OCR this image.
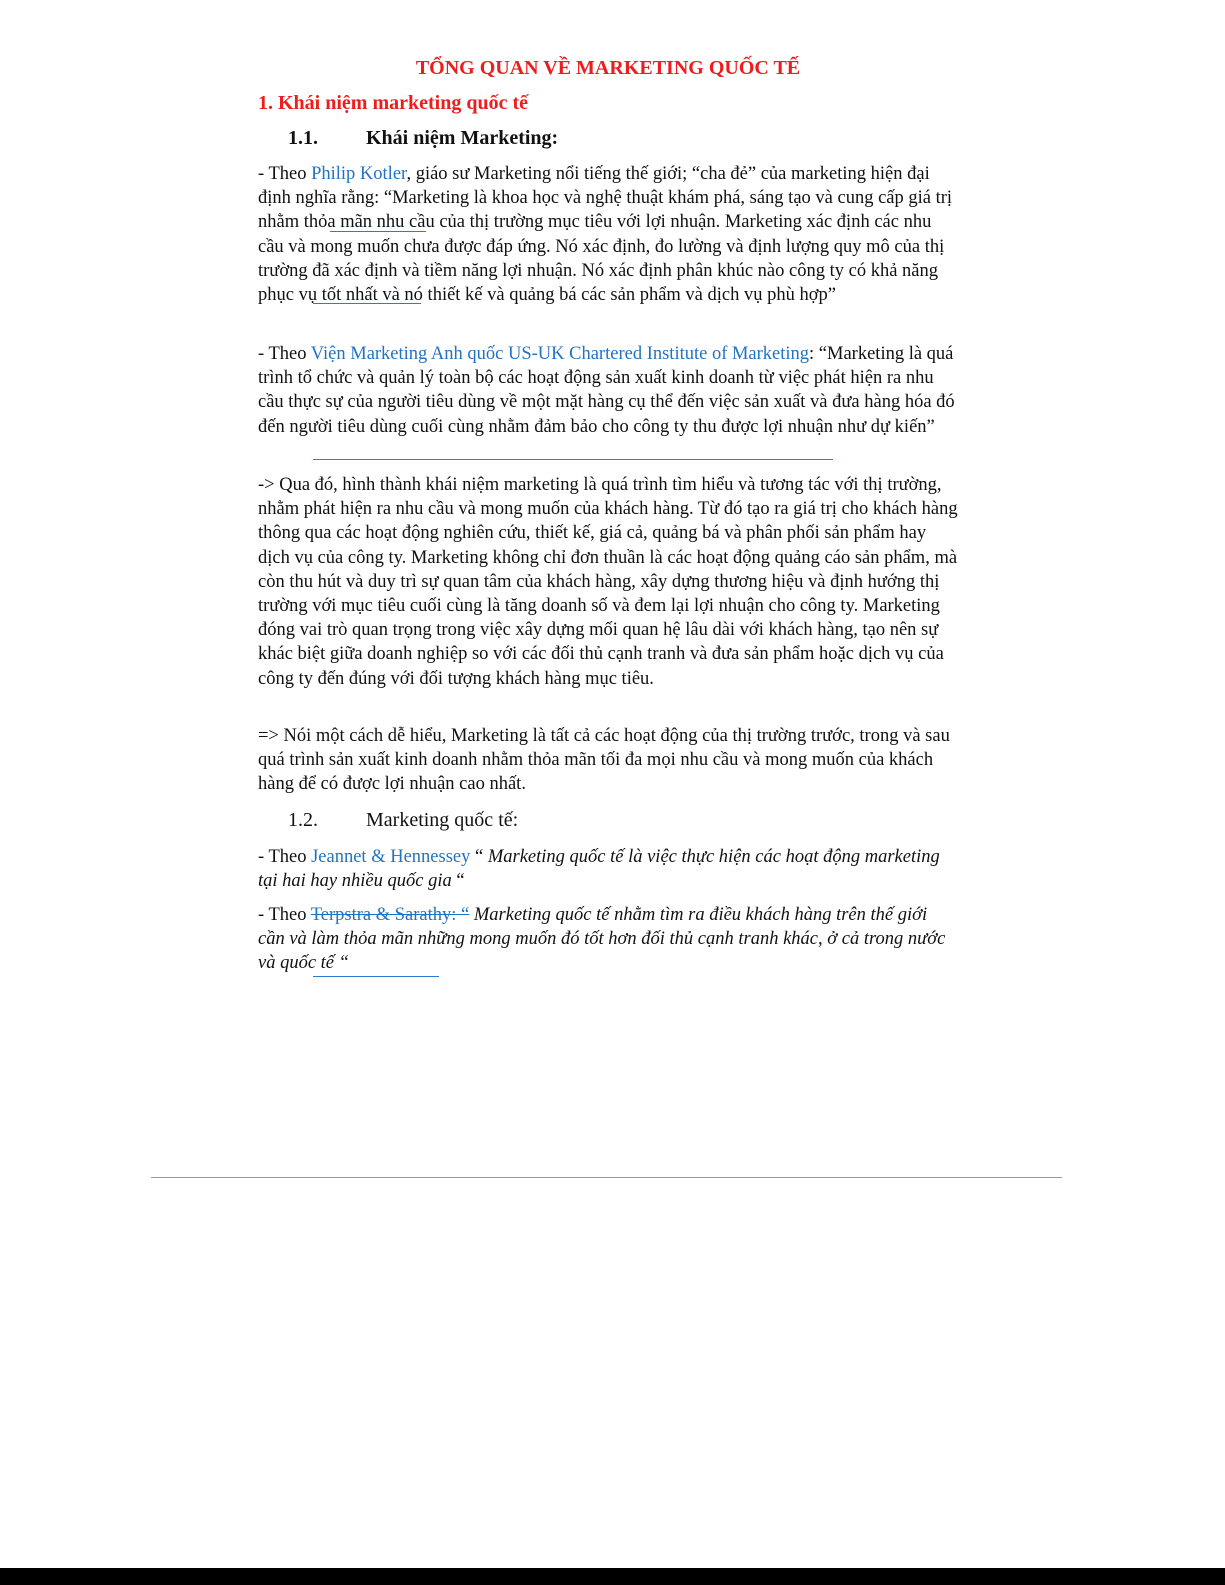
TỔNG QUAN VỀ MARKETING QUỐC TẾ
1. Khái niệm marketing quốc tế
1.1. Khái niệm Marketing:
- Theo Philip Kotler, giáo sư Marketing nổi tiếng thế giới; “cha đẻ” của marketing hiện đại định nghĩa rằng: “Marketing là khoa học và nghệ thuật khám phá, sáng tạo và cung cấp giá trị nhằm thỏa mãn nhu cầu của thị trường mục tiêu với lợi nhuận. Marketing xác định các nhu cầu và mong muốn chưa được đáp ứng. Nó xác định, đo lường và định lượng quy mô của thị trường đã xác định và tiềm năng lợi nhuận. Nó xác định phân khúc nào công ty có khả năng phục vụ tốt nhất và nó thiết kế và quảng bá các sản phẩm và dịch vụ phù hợp”
- Theo Viện Marketing Anh quốc US-UK Chartered Institute of Marketing: “Marketing là quá trình tổ chức và quản lý toàn bộ các hoạt động sản xuất kinh doanh từ việc phát hiện ra nhu cầu thực sự của người tiêu dùng về một mặt hàng cụ thể đến việc sản xuất và đưa hàng hóa đó đến người tiêu dùng cuối cùng nhằm đảm bảo cho công ty thu được lợi nhuận như dự kiến”
-> Qua đó, hình thành khái niệm marketing là quá trình tìm hiểu và tương tác với thị trường, nhằm phát hiện ra nhu cầu và mong muốn của khách hàng. Từ đó tạo ra giá trị cho khách hàng thông qua các hoạt động nghiên cứu, thiết kế, giá cả, quảng bá và phân phối sản phẩm hay dịch vụ của công ty. Marketing không chỉ đơn thuần là các hoạt động quảng cáo sản phẩm, mà còn thu hút và duy trì sự quan tâm của khách hàng, xây dựng thương hiệu và định hướng thị trường với mục tiêu cuối cùng là tăng doanh số và đem lại lợi nhuận cho công ty. Marketing đóng vai trò quan trọng trong việc xây dựng mối quan hệ lâu dài với khách hàng, tạo nên sự khác biệt giữa doanh nghiệp so với các đối thủ cạnh tranh và đưa sản phẩm hoặc dịch vụ của công ty đến đúng với đối tượng khách hàng mục tiêu.
=> Nói một cách dễ hiểu, Marketing là tất cả các hoạt động của thị trường trước, trong và sau quá trình sản xuất kinh doanh nhằm thỏa mãn tối đa mọi nhu cầu và mong muốn của khách hàng để có được lợi nhuận cao nhất.
1.2. Marketing quốc tế:
- Theo Jeannet & Hennessey “ Marketing quốc tế là việc thực hiện các hoạt động marketing tại hai hay nhiều quốc gia “
- Theo Terpstra & Sarathy: “ Marketing quốc tế nhằm tìm ra điều khách hàng trên thế giới cần và làm thỏa mãn những mong muốn đó tốt hơn đối thủ cạnh tranh khác, ở cả trong nước và quốc tế “
